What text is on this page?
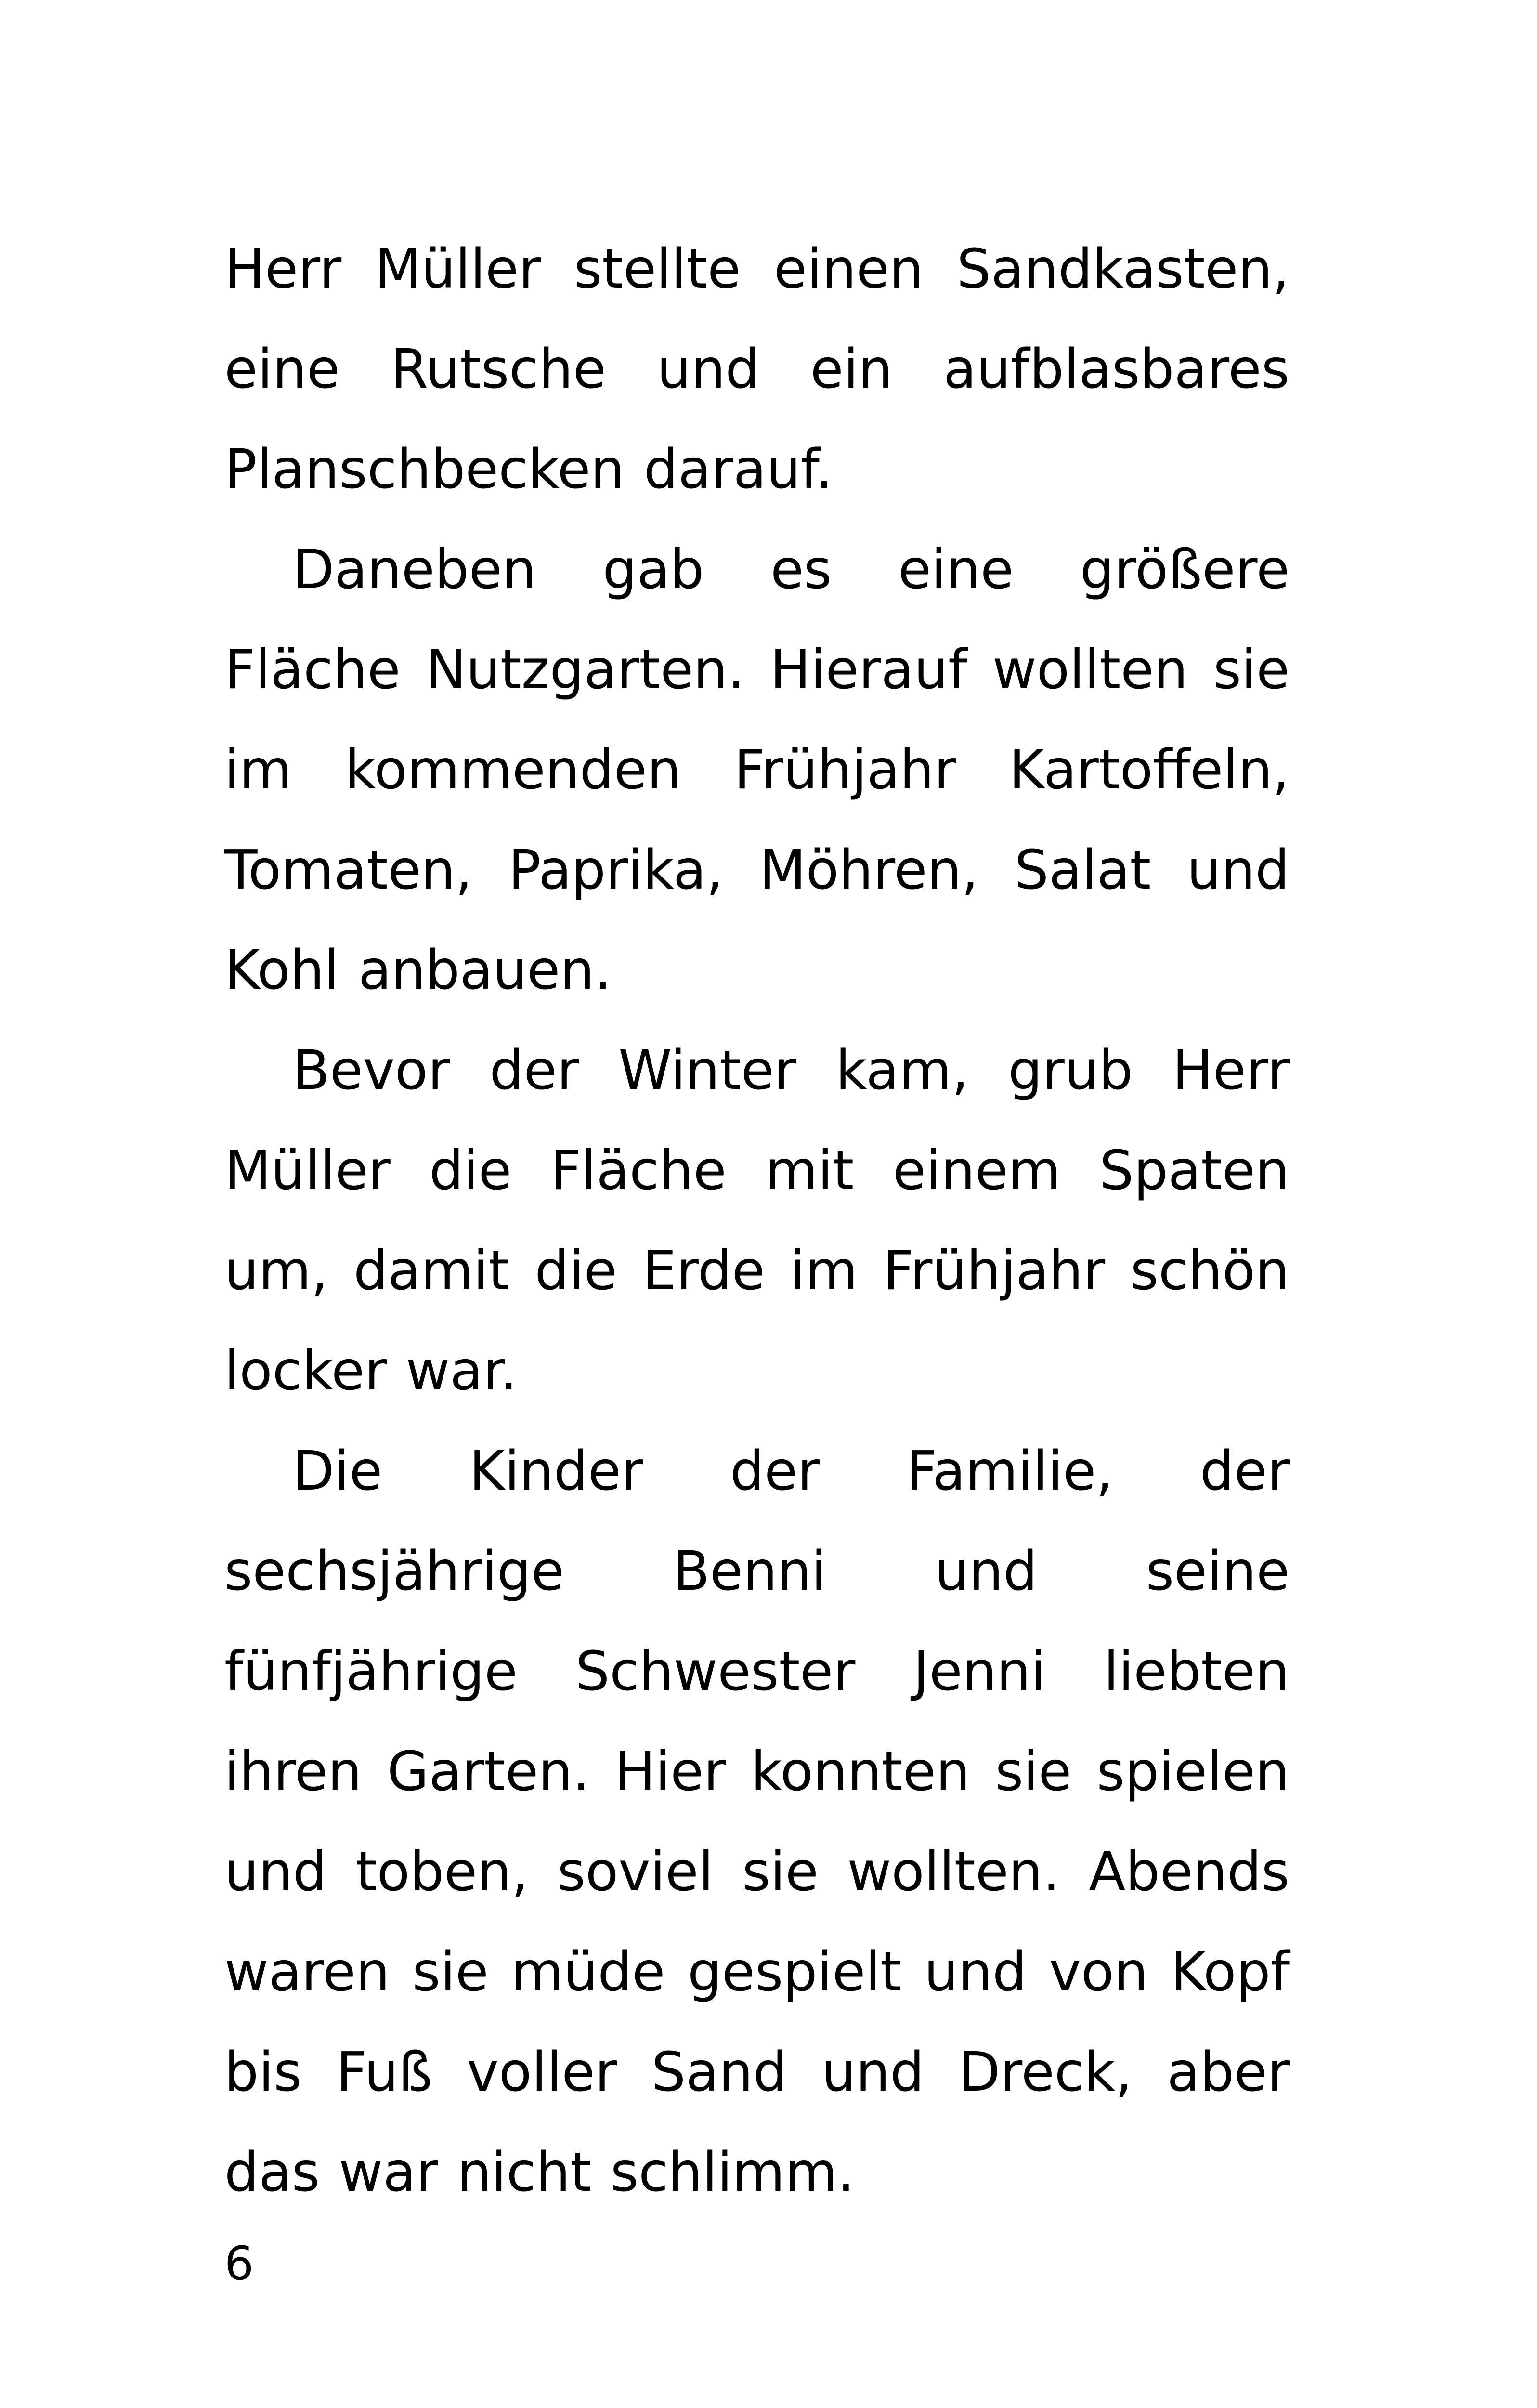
Herr Müller stellte einen Sandkasten, eine Rutsche und ein aufblasbares Planschbecken darauf.

Daneben gab es eine größere Fläche Nutzgarten. Hierauf wollten sie im kommenden Frühjahr Kartoffeln, Tomaten, Paprika, Möhren, Salat und Kohl anbauen.

Bevor der Winter kam, grub Herr Müller die Fläche mit einem Spaten um, damit die Erde im Frühjahr schön locker war.

Die Kinder der Familie, der sechsjährige Benni und seine fünfjährige Schwester Jenni liebten ihren Garten. Hier konnten sie spielen und toben, soviel sie wollten. Abends waren sie müde gespielt und von Kopf bis Fuß voller Sand und Dreck, aber das war nicht schlimm.

6
